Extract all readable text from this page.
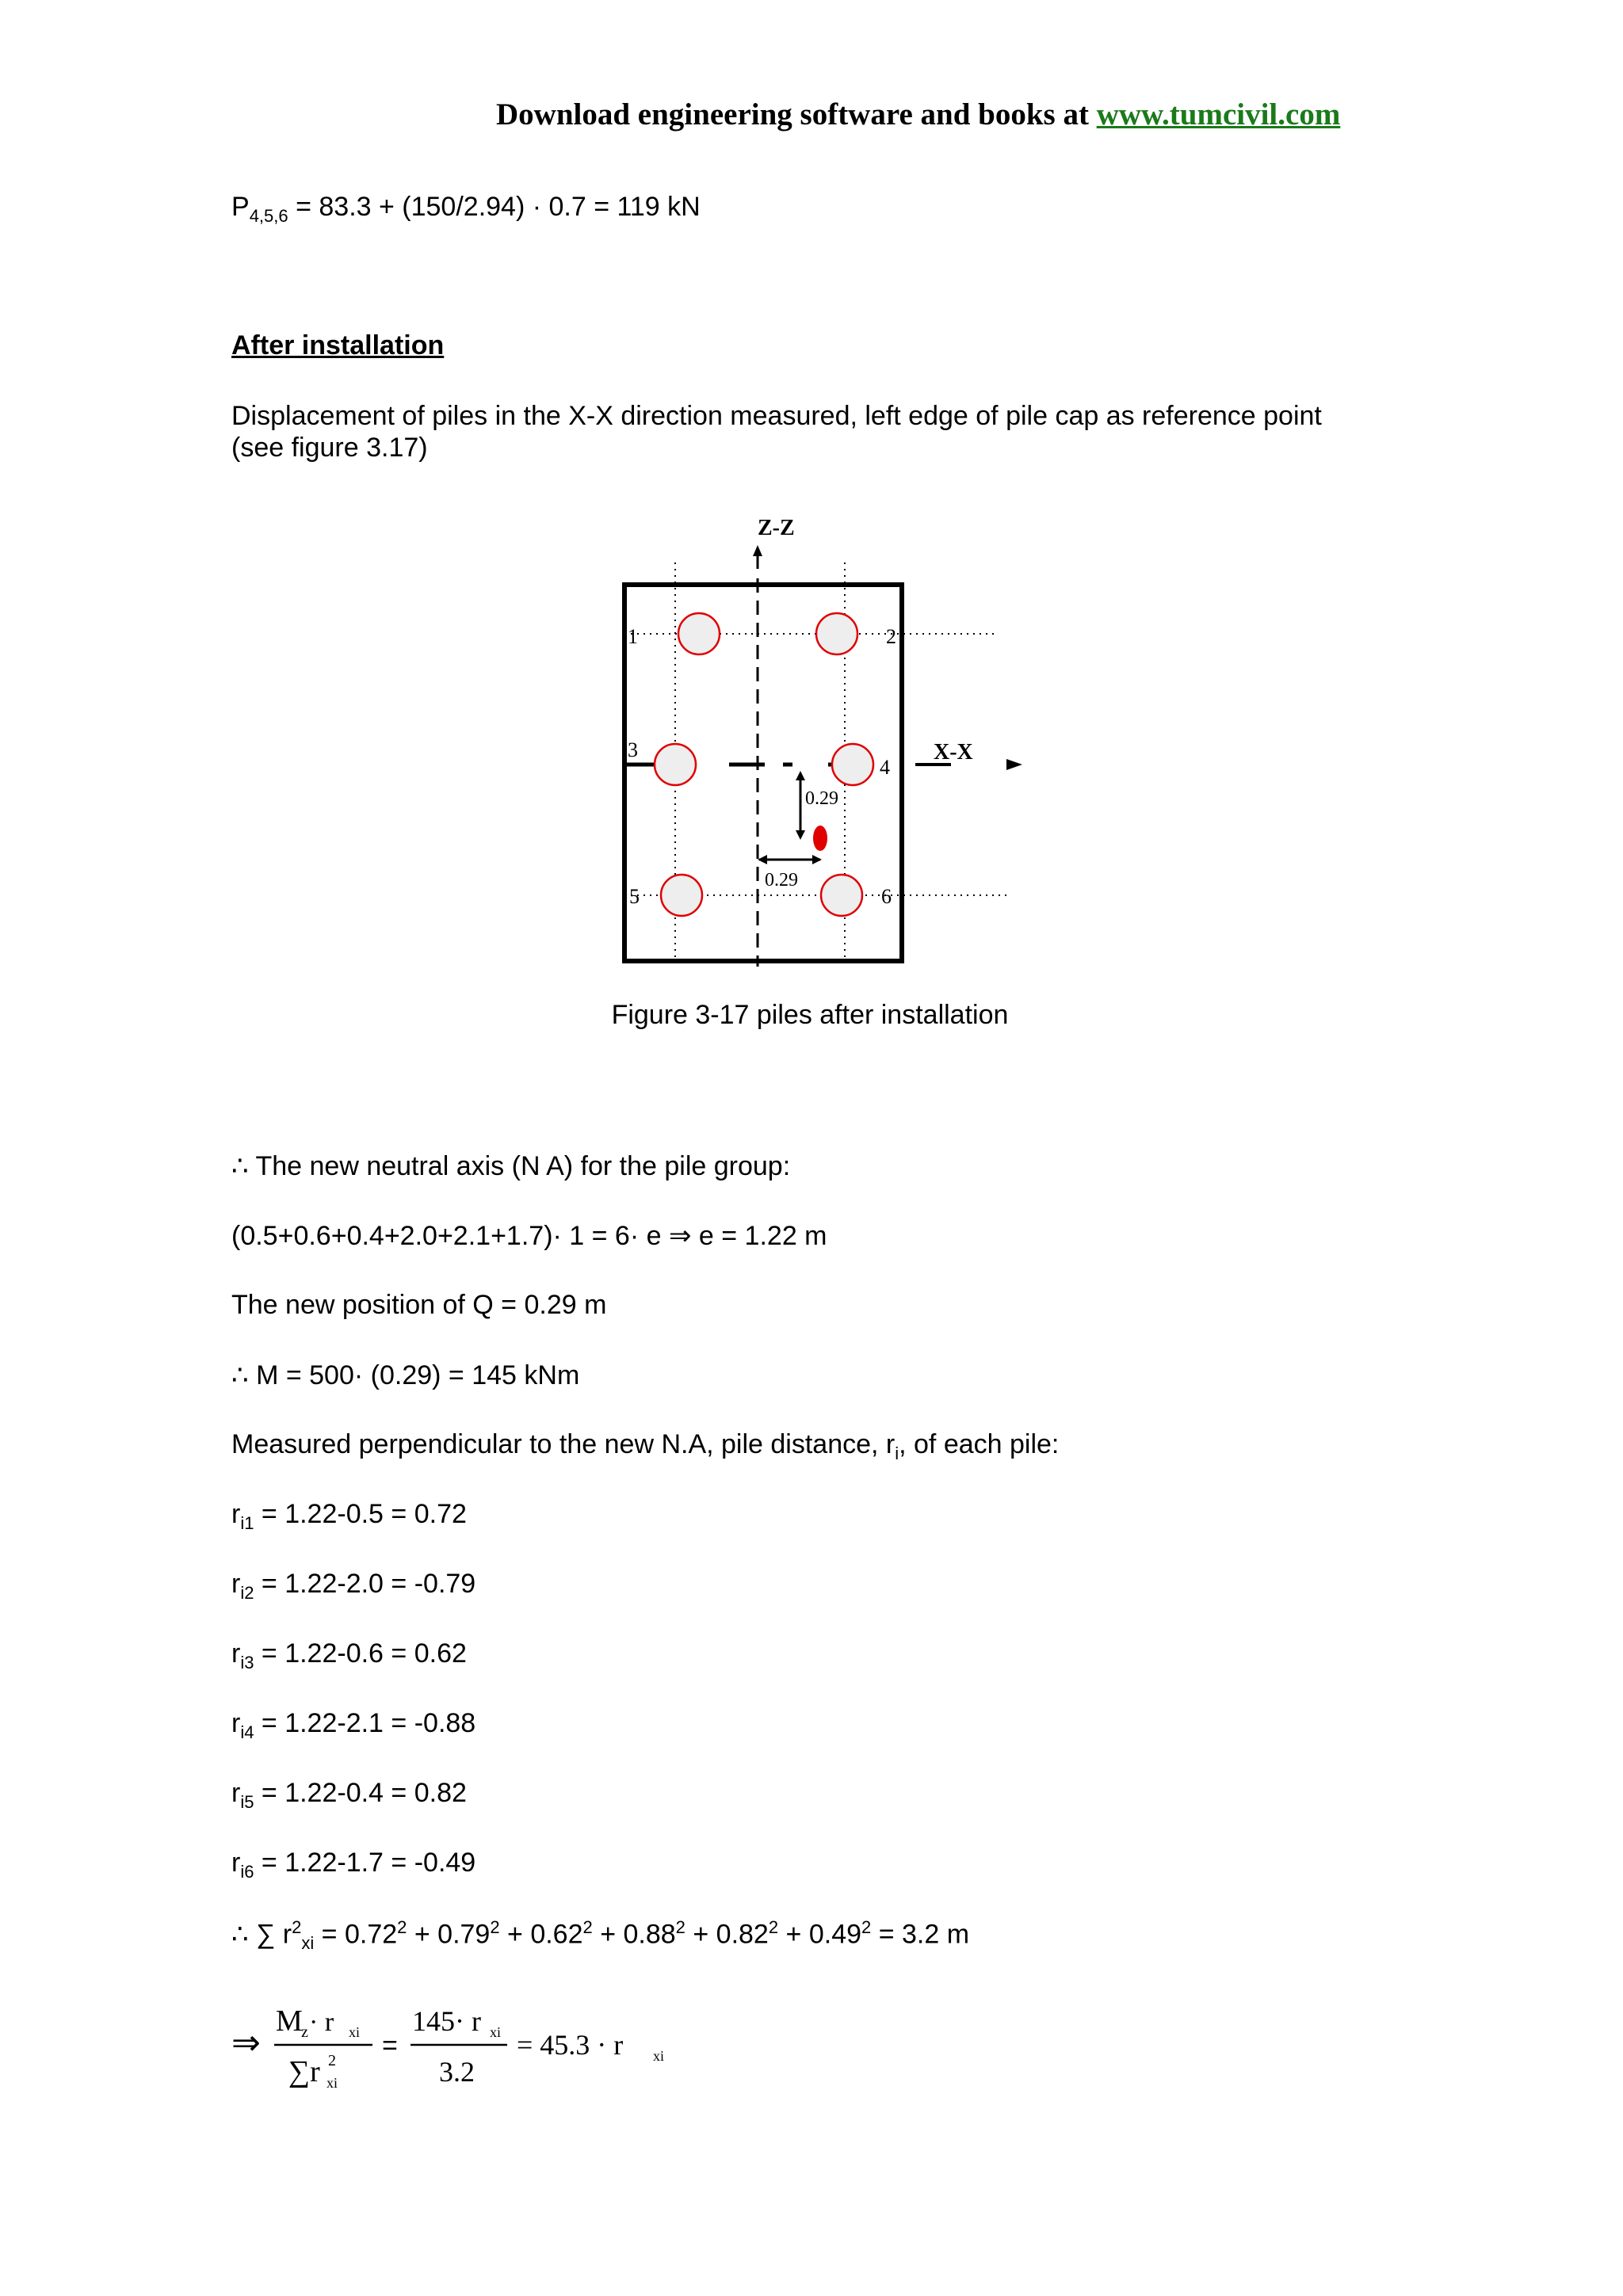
Download engineering software and books at www.tumcivil.com
$P_{4,5,6} = 83.3 + (150/2.94) \cdot 0.7 = 119$ kN
After installation
Displacement of piles in the X-X direction measured, left edge of pile cap as reference point (see figure 3.17)
Z-Z
X-X
1	2
3
4
5	6
0.29
0.29
Figure 3-17 piles after installation
∴ The new neutral axis (N A) for the pile group:
(0.5+0.6+0.4+2.0+2.1+1.7)· 1 = 6· e ⇒ e = 1.22 m
The new position of Q = 0.29 m
∴ M = 500· (0.29) = 145 kNm
Measured perpendicular to the new N.A, pile distance, $r_i$, of each pile:
$r_{i1} = 1.22-0.5 = 0.72$
$r_{i2} = 1.22-2.0 = -0.79$
$r_{i3} = 1.22-0.6 = 0.62$
$r_{i4} = 1.22-2.1 = -0.88$
$r_{i5} = 1.22-0.4 = 0.82$
$r_{i6} = 1.22-1.7 = -0.49$
∴ ∑ $r^2_{xi} = 0.72^2 + 0.79^2 + 0.62^2 + 0.88^2 + 0.82^2 + 0.49^2 = 3.2$ m
⇒
M
z · r xi
∑r 2
xi
=
145· r xi
3.2
= 45.3 · r xi
